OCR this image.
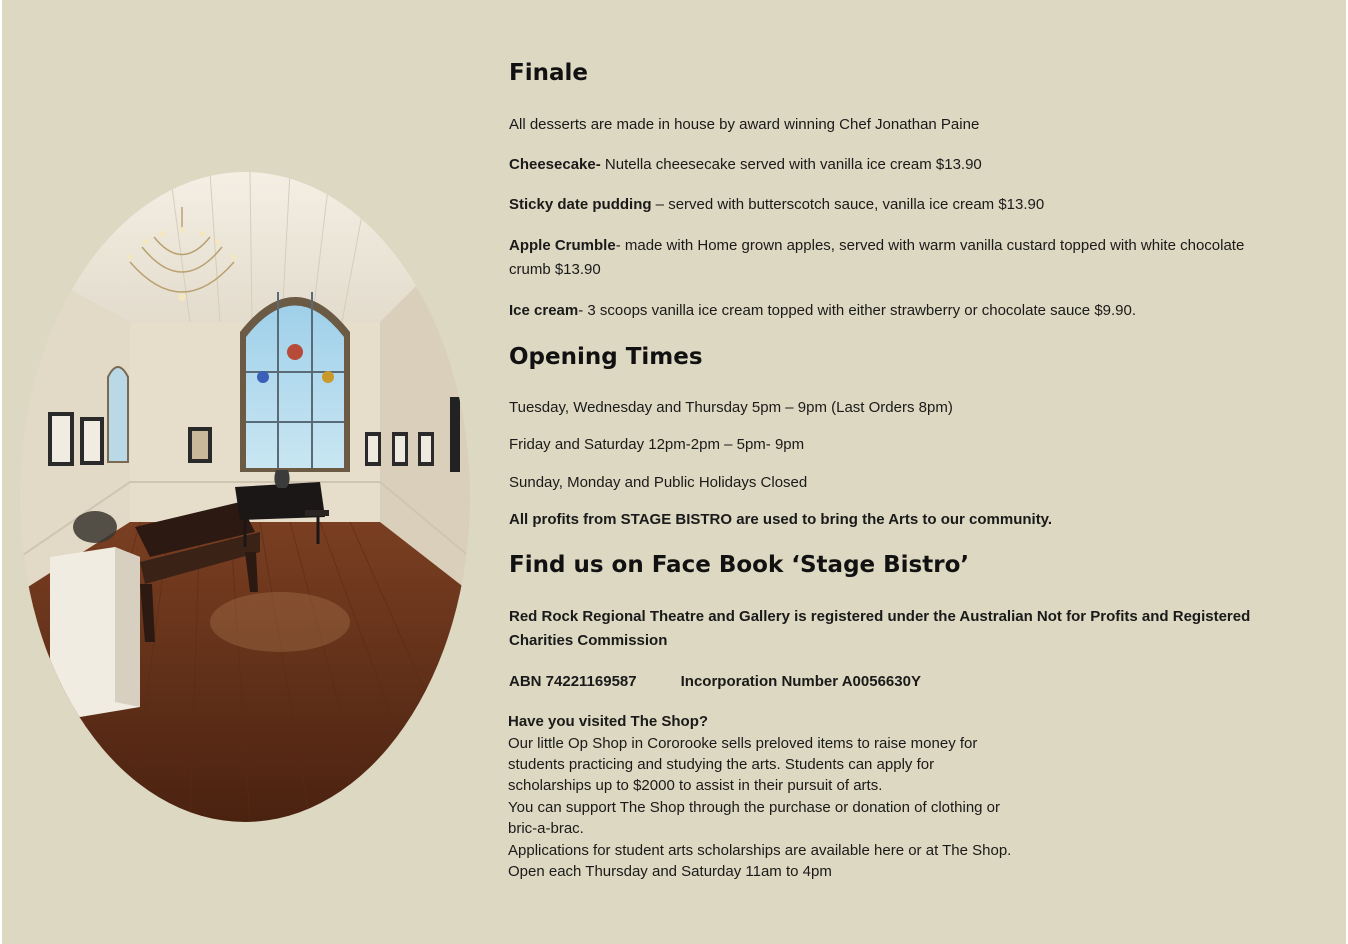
Finale
All desserts are made in house by award winning Chef Jonathan Paine
Cheesecake- Nutella cheesecake served with vanilla ice cream $13.90
Sticky date pudding – served with butterscotch sauce, vanilla ice cream $13.90
Apple Crumble- made with Home grown apples, served with warm vanilla custard topped with white chocolate crumb $13.90
Ice cream- 3 scoops vanilla ice cream topped with either strawberry or chocolate sauce $9.90.
Opening Times
Tuesday, Wednesday and Thursday 5pm – 9pm (Last Orders 8pm)
Friday and Saturday 12pm-2pm – 5pm- 9pm
Sunday, Monday and Public Holidays Closed
All profits from STAGE BISTRO are used to bring the Arts to our community.
Find us on Face Book ‘Stage Bistro’
Red Rock Regional Theatre and Gallery is registered under the Australian Not for Profits and Registered Charities Commission
ABN 74221169587	Incorporation Number A0056630Y
Have you visited The Shop?
Our little Op Shop in Cororooke sells preloved items to raise money for
students practicing and studying the arts. Students can apply for
scholarships up to $2000 to assist in their pursuit of arts.
You can support The Shop through the purchase or donation of clothing or
bric-a-brac.
Applications for student arts scholarships are available here or at The Shop.
Open each Thursday and Saturday 11am to 4pm
